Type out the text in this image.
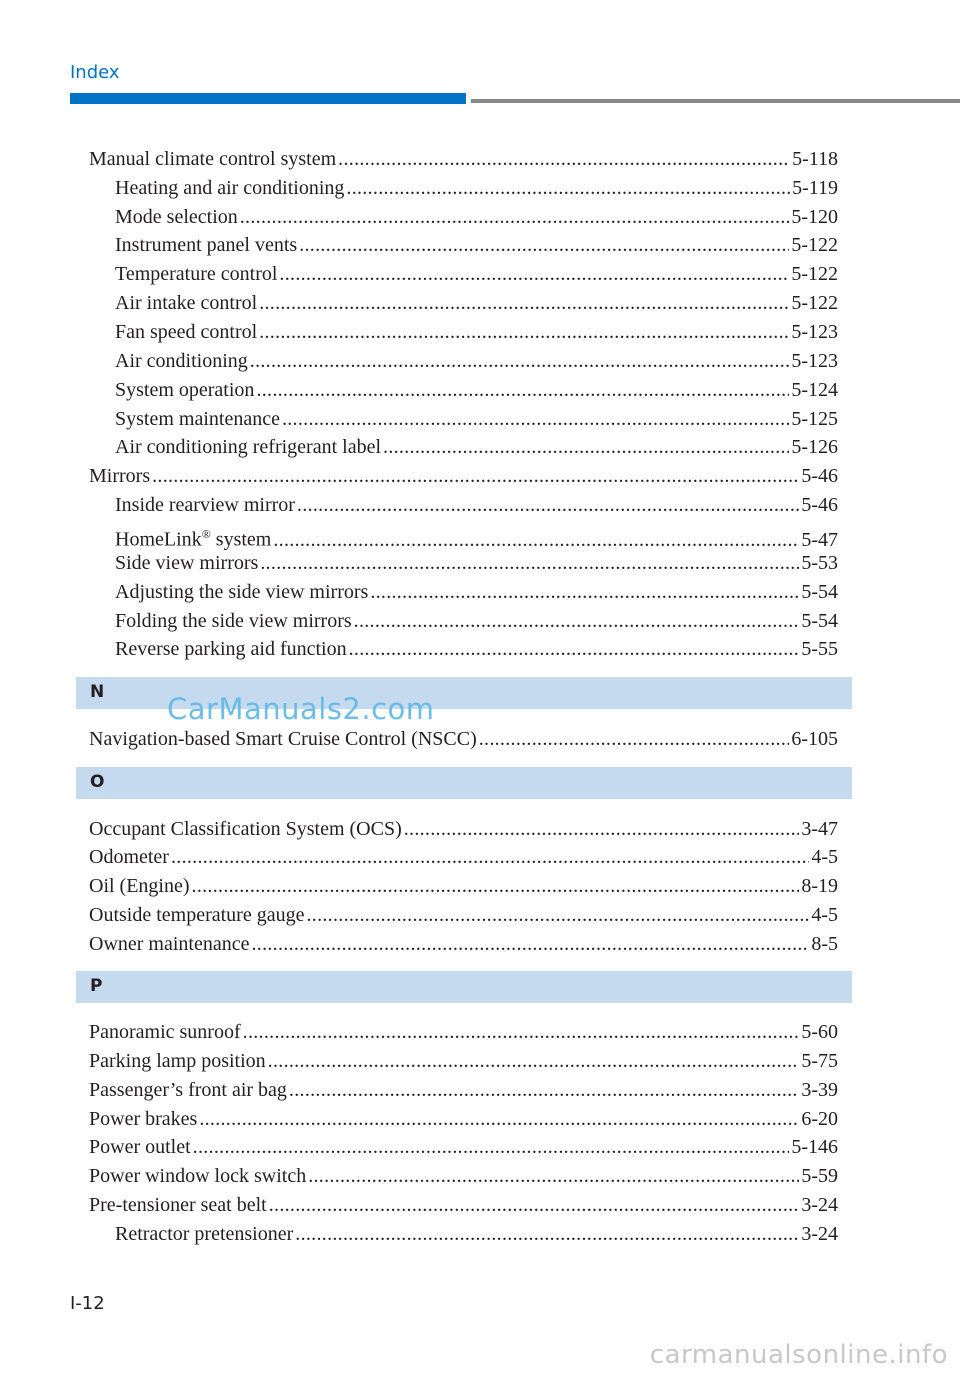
Index
Manual climate control system .....	5-118
Heating and air conditioning .....	5-119
Mode selection .....	5-120
Instrument panel vents .....	5-122
Temperature control .....	5-122
Air intake control .....	5-122
Fan speed control .....	5-123
Air conditioning .....	5-123
System operation .....	5-124
System maintenance .....	5-125
Air conditioning refrigerant label .....	5-126
Mirrors .....	5-46
Inside rearview mirror .....	5-46
HomeLink® system .....	5-47
Side view mirrors .....	5-53
Adjusting the side view mirrors .....	5-54
Folding the side view mirrors .....	5-54
Reverse parking aid function .....	5-55
N
Navigation-based Smart Cruise Control (NSCC) .....	6-105
O
Occupant Classification System (OCS) .....	3-47
Odometer .....	4-5
Oil (Engine) .....	8-19
Outside temperature gauge .....	4-5
Owner maintenance .....	8-5
P
Panoramic sunroof .....	5-60
Parking lamp position .....	5-75
Passenger’s front air bag .....	3-39
Power brakes .....	6-20
Power outlet .....	5-146
Power window lock switch .....	5-59
Pre-tensioner seat belt .....	3-24
Retractor pretensioner .....	3-24
CarManuals2.com
I-12
carmanualsonline.info
